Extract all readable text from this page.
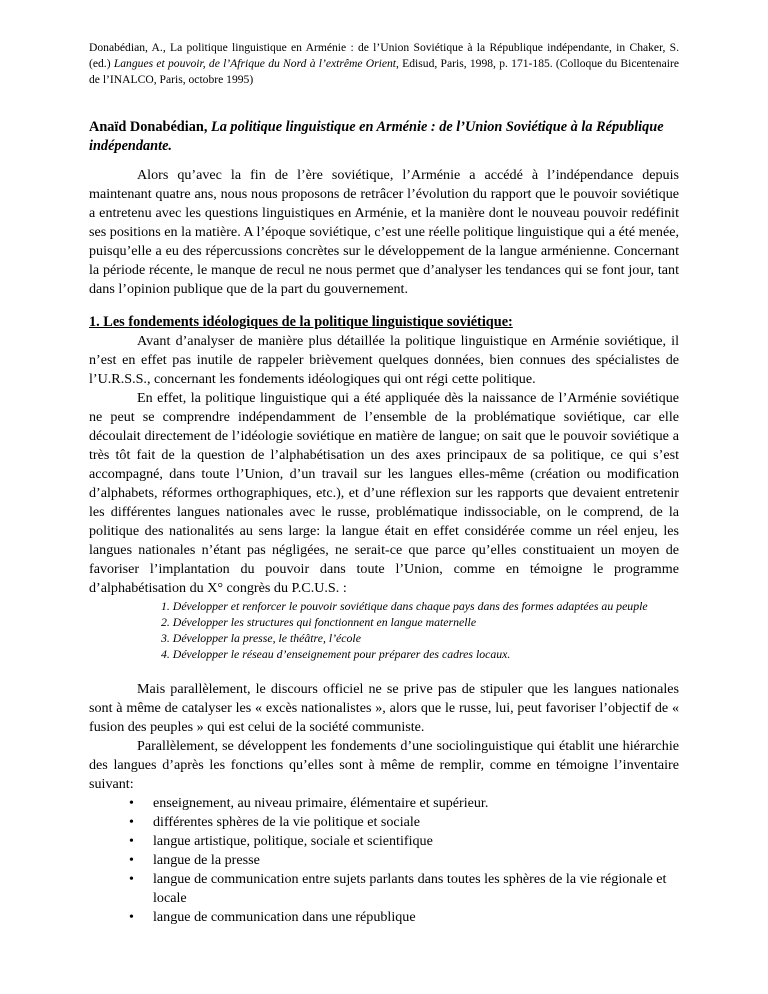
Donabédian, A., La politique linguistique en Arménie : de l’Union Soviétique à la République indépendante, in Chaker, S. (ed.) Langues et pouvoir, de l’Afrique du Nord à l’extrême Orient, Edisud, Paris, 1998, p. 171-185. (Colloque du Bicentenaire de l’INALCO, Paris, octobre 1995)
Anaïd Donabédian, La politique linguistique en Arménie : de l’Union Soviétique à la République indépendante.

Alors qu’avec la fin de l’ère soviétique, l’Arménie a accédé à l’indépendance depuis maintenant quatre ans, nous nous proposons de retrâcer l’évolution du rapport que le pouvoir soviétique a entretenu avec les questions linguistiques en Arménie, et la manière dont le nouveau pouvoir redéfinit ses positions en la matière. A l’époque soviétique, c’est une réelle politique linguistique qui a été menée, puisqu’elle a eu des répercussions concrètes sur le développement de la langue arménienne. Concernant la période récente, le manque de recul ne nous permet que d’analyser les tendances qui se font jour, tant dans l’opinion publique que de la part du gouvernement.

1. Les fondements idéologiques de la politique linguistique soviétique:

Avant d’analyser de manière plus détaillée la politique linguistique en Arménie soviétique, il n’est en effet pas inutile de rappeler brièvement quelques données, bien connues des spécialistes de l’U.R.S.S., concernant les fondements idéologiques qui ont régi cette politique.

En effet, la politique linguistique qui a été appliquée dès la naissance de l’Arménie soviétique ne peut se comprendre indépendamment de l’ensemble de la problématique soviétique, car elle découlait directement de l’idéologie soviétique en matière de langue; on sait que le pouvoir soviétique a très tôt fait de la question de l’alphabétisation un des axes principaux de sa politique, ce qui s’est accompagné, dans toute l’Union, d’un travail sur les langues elles-même (création ou modification d’alphabets, réformes orthographiques, etc.), et d’une réflexion sur les rapports que devaient entretenir les différentes langues nationales avec le russe, problématique indissociable, on le comprend, de la politique des nationalités au sens large: la langue était en effet considérée comme un réel enjeu, les langues nationales n’étant pas négligées, ne serait-ce que parce qu’elles constituaient un moyen de favoriser l’implantation du pouvoir dans toute l’Union, comme en témoigne le programme d’alphabétisation du X° congrès du P.C.U.S. :

1. Développer et renforcer le pouvoir soviétique dans chaque pays dans des formes adaptées au peuple
2. Développer les structures qui fonctionnent en langue maternelle
3. Développer la presse, le théâtre, l’école
4. Développer le réseau d’enseignement pour préparer des cadres locaux.

Mais parallèlement, le discours officiel ne se prive pas de stipuler que les langues nationales sont à même de catalyser les « excès nationalistes », alors que le russe, lui, peut favoriser l’objectif de « fusion des peuples » qui est celui de la société communiste.

Parallèlement, se développent les fondements d’une sociolinguistique qui établit une hiérarchie des langues d’après les fonctions qu’elles sont à même de remplir, comme en témoigne l’inventaire suivant:

• enseignement, au niveau primaire, élémentaire et supérieur.
• différentes sphères de la vie politique et sociale
• langue artistique, politique, sociale et scientifique
• langue de la presse
• langue de communication entre sujets parlants dans toutes les sphères de la vie régionale et locale
• langue de communication dans une république
